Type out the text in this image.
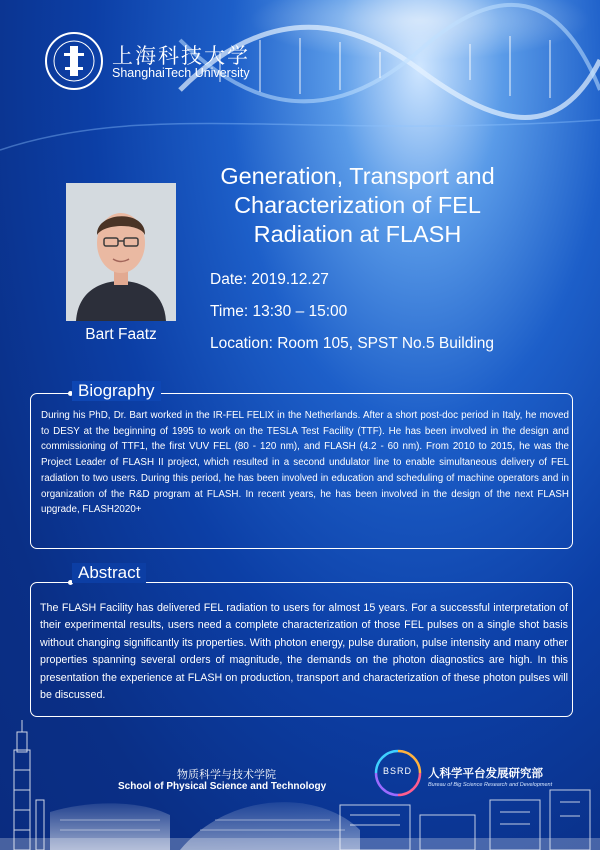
上海科技大学
ShanghaiTech University
Bart Faatz
Generation, Transport and
Characterization of FEL
Radiation at FLASH
Date: 2019.12.27
Time: 13:30 – 15:00
Location: Room 105, SPST No.5 Building
Biography
During his PhD, Dr. Bart worked in the IR-FEL FELIX in the Netherlands. After a short post-doc period in Italy, he moved to DESY at the beginning of 1995 to work on the TESLA Test Facility (TTF). He has been involved in the design and commissioning of TTF1, the first VUV FEL (80 - 120 nm), and FLASH (4.2 - 60 nm). From 2010 to 2015, he was the Project Leader of FLASH II project, which resulted in a second undulator line to enable simultaneous delivery of FEL radiation to two users. During this period, he has been involved in education and scheduling of machine operators and in organization of the R&D program at FLASH. In recent years, he has been involved in the design of the next FLASH upgrade, FLASH2020+
Abstract
The FLASH Facility has delivered FEL radiation to users for almost 15 years. For a successful interpretation of their experimental results, users need a complete characterization of those FEL pulses on a single shot basis without changing significantly its properties. With photon energy, pulse duration, pulse intensity and many other properties spanning several orders of magnitude, the demands on the photon diagnostics are high. In this presentation the experience at FLASH on production, transport and characterization of these photon pulses will be discussed.
物质科学与技术学院
School of Physical Science and Technology
BSRD 人科学平台发展研究部
Bureau of Big Science Research and Development
